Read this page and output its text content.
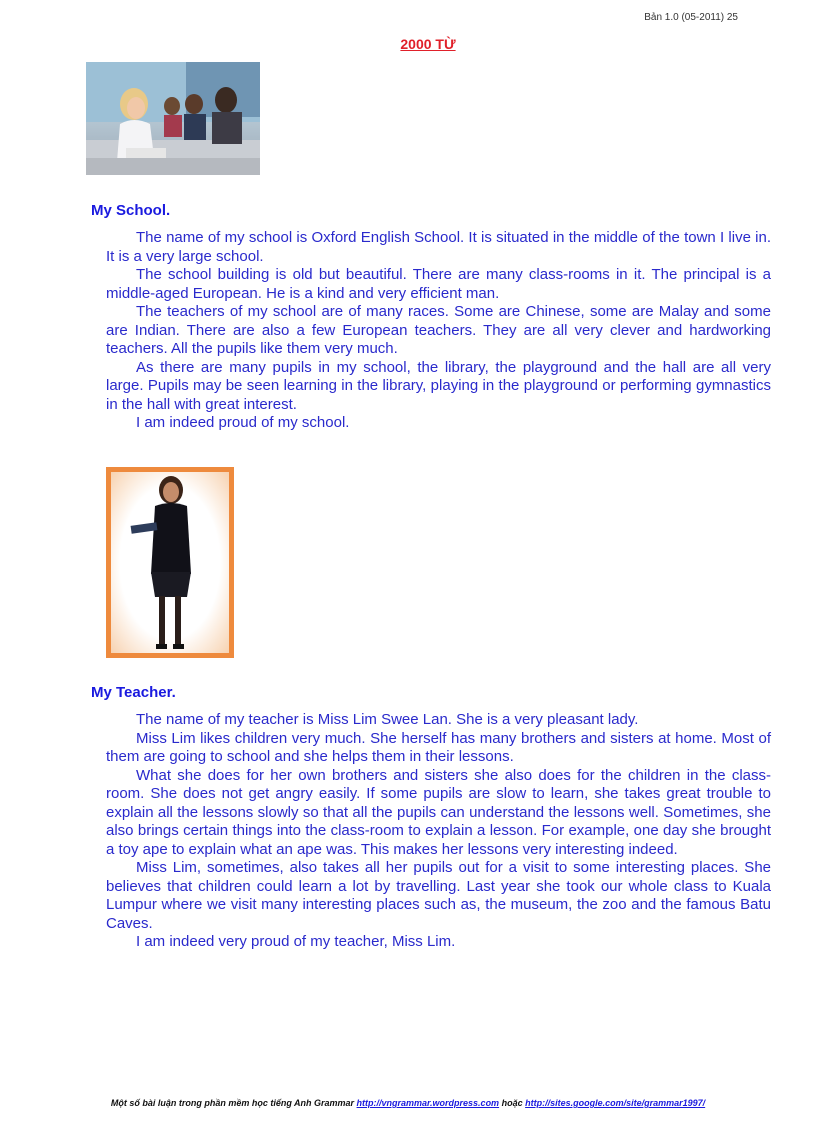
Bản 1.0 (05-2011) 25
2000 TỪ
My School.

The name of my school is Oxford English School. It is situated in the middle of the town I live in. It is a very large school.

The school building is old but beautiful. There are many class-rooms in it. The principal is a middle-aged European. He is a kind and very efficient man.

The teachers of my school are of many races. Some are Chinese, some are Malay and some are Indian. There are also a few European teachers. They are all very clever and hardworking teachers. All the pupils like them very much.

As there are many pupils in my school, the library, the playground and the hall are all very large. Pupils may be seen learning in the library, playing in the playground or performing gymnastics in the hall with great interest.

I am indeed proud of my school.

My Teacher.

The name of my teacher is Miss Lim Swee Lan. She is a very pleasant lady.

Miss Lim likes children very much. She herself has many brothers and sisters at home. Most of them are going to school and she helps them in their lessons.

What she does for her own brothers and sisters she also does for the children in the class-room. She does not get angry easily. If some pupils are slow to learn, she takes great trouble to explain all the lessons slowly so that all the pupils can understand the lessons well. Sometimes, she also brings certain things into the class-room to explain a lesson. For example, one day she brought a toy ape to explain what an ape was. This makes her lessons very interesting indeed.

Miss Lim, sometimes, also takes all her pupils out for a visit to some interesting places. She believes that children could learn a lot by travelling. Last year she took our whole class to Kuala Lumpur where we visit many interesting places such as, the museum, the zoo and the famous Batu Caves.

I am indeed very proud of my teacher, Miss Lim.

Một số bài luận trong phần mềm học tiếng Anh Grammar http://vngrammar.wordpress.com hoặc http://sites.google.com/site/grammar1997/
